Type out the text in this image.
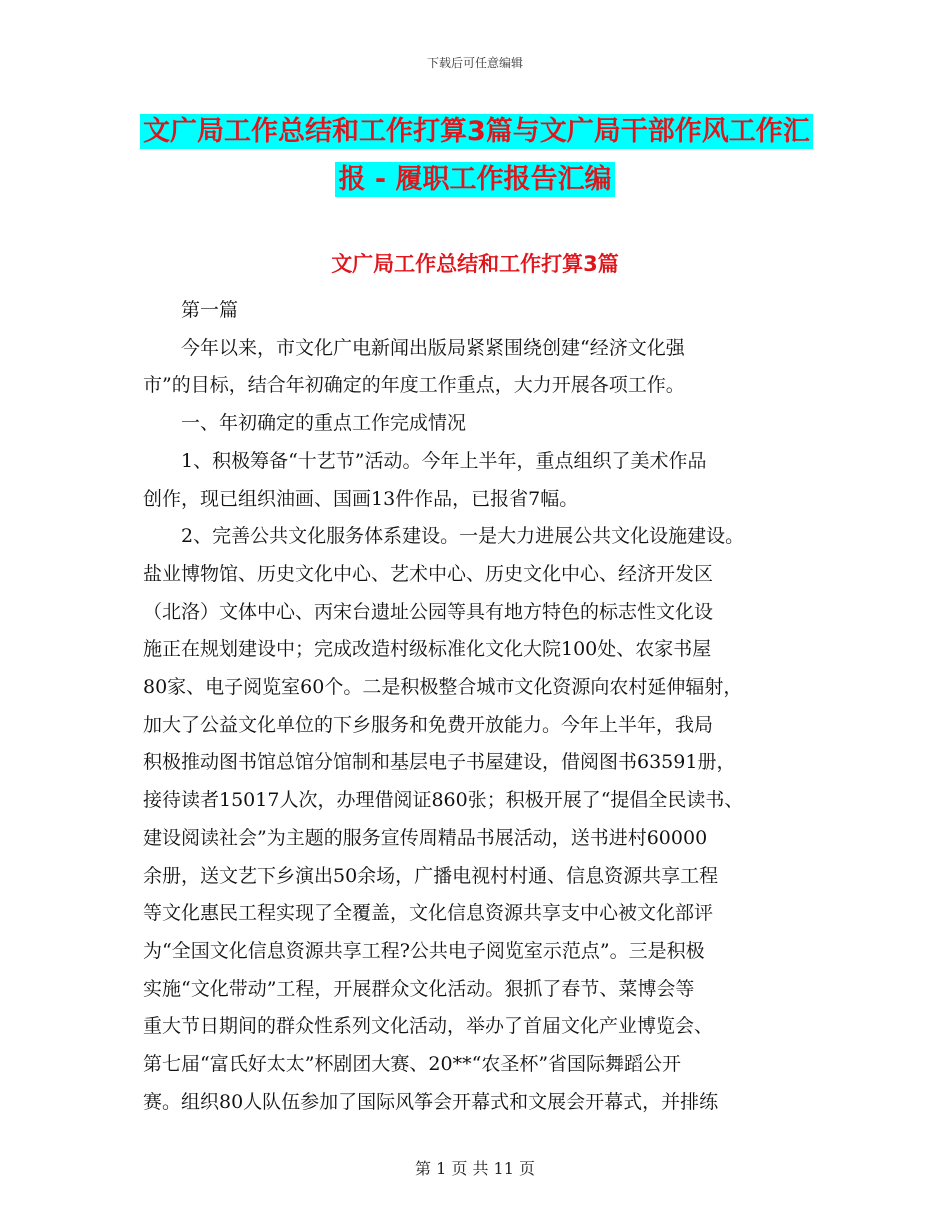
下载后可任意编辑
文广局工作总结和工作打算3篇与文广局干部作风工作汇报 - 履职工作报告汇编
文广局工作总结和工作打算3篇
　　第一篇
　　今年以来，市文化广电新闻出版局紧紧围绕创建“经济文化强
市”的目标，结合年初确定的年度工作重点，大力开展各项工作。
　　一、年初确定的重点工作完成情况
　　1、积极筹备“十艺节”活动。今年上半年，重点组织了美术作品
创作，现已组织油画、国画13件作品，已报省7幅。
　　2、完善公共文化服务体系建设。一是大力进展公共文化设施建设。
盐业博物馆、历史文化中心、艺术中心、历史文化中心、经济开发区
（北洛）文体中心、丙宋台遗址公园等具有地方特色的标志性文化设
施正在规划建设中；完成改造村级标准化文化大院100处、农家书屋
80家、电子阅览室60个。二是积极整合城市文化资源向农村延伸辐射，
加大了公益文化单位的下乡服务和免费开放能力。今年上半年，我局
积极推动图书馆总馆分馆制和基层电子书屋建设，借阅图书63591册，
接待读者15017人次，办理借阅证860张；积极开展了“提倡全民读书、
建设阅读社会”为主题的服务宣传周精品书展活动，送书进村60000
余册，送文艺下乡演出50余场，广播电视村村通、信息资源共享工程
等文化惠民工程实现了全覆盖，文化信息资源共享支中心被文化部评
为“全国文化信息资源共享工程?公共电子阅览室示范点”。三是积极
实施“文化带动”工程，开展群众文化活动。狠抓了春节、菜博会等
重大节日期间的群众性系列文化活动，举办了首届文化产业博览会、
第七届“富氏好太太”杯剧团大赛、20**“农圣杯”省国际舞蹈公开
赛。组织80人队伍参加了国际风筝会开幕式和文展会开幕式，并排练
第 1 页 共 11 页
